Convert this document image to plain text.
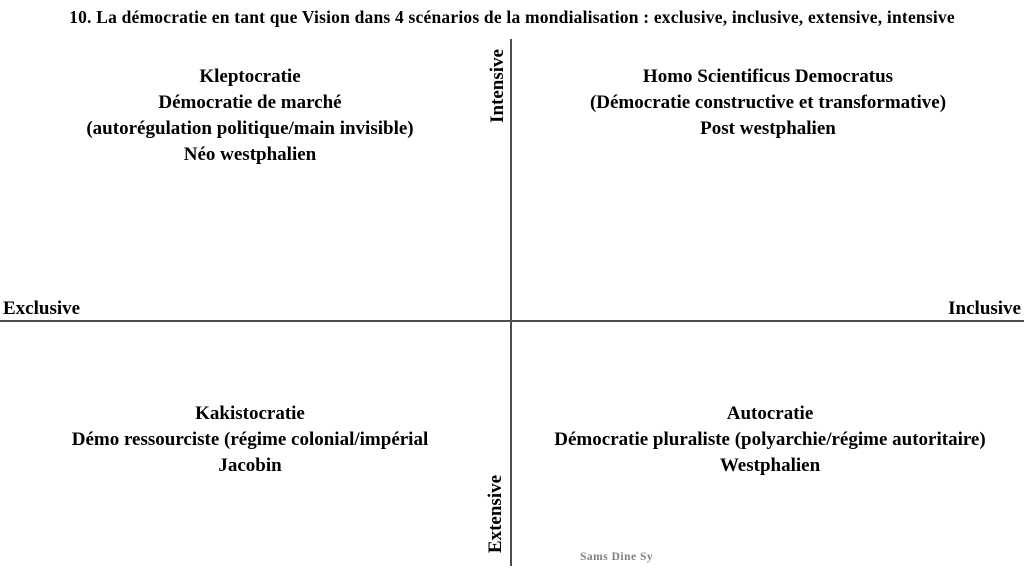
10. La démocratie en tant que Vision dans 4 scénarios de la mondialisation : exclusive, inclusive, extensive, intensive
Exclusive	Inclusive
Intensive
Extensive
Kleptocratie
Démocratie de marché
(autorégulation politique/main invisible)
Néo westphalien
Homo Scientificus Democratus
(Démocratie constructive et transformative)
Post westphalien
Kakistocratie
Démo ressourciste (régime colonial/impérial
Jacobin
Autocratie
Démocratie pluraliste (polyarchie/régime autoritaire)
Westphalien
Sams Dine Sy
